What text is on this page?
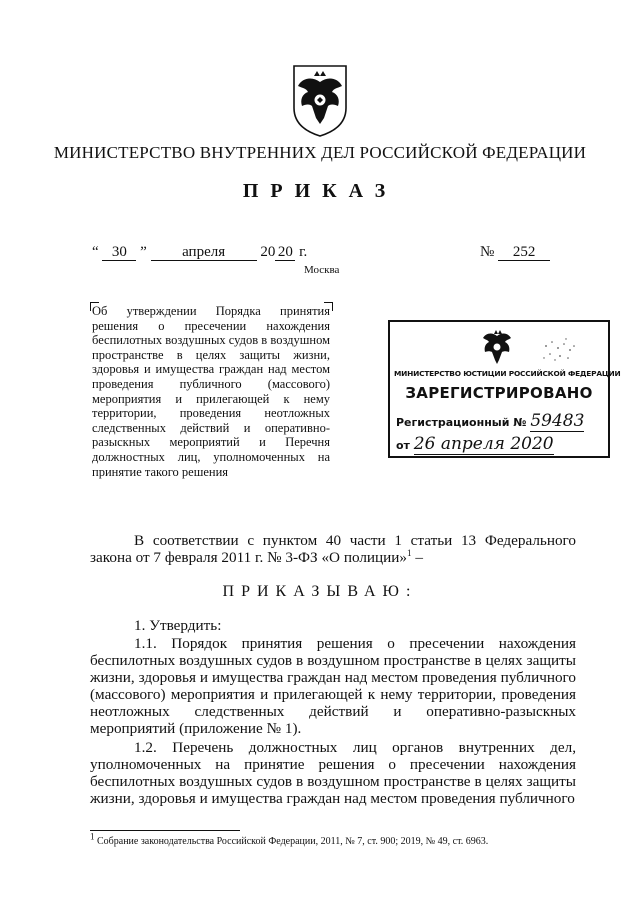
МИНИСТЕРСТВО ВНУТРЕННИХ ДЕЛ РОССИЙСКОЙ ФЕДЕРАЦИИ
ПРИКАЗ
“ 30 ” апреля 20 20 г.	№ 252
Москва
Об утверждении Порядка принятия решения о пресечении нахождения беспилотных воздушных судов в воздушном пространстве в целях защиты жизни, здоровья и имущества граждан над местом проведения публичного (массового) мероприятия и прилегающей к нему территории, проведения неотложных следственных действий и оперативно-разыскных мероприятий и Перечня должностных лиц, уполномоченных на принятие такого решения
МИНИСТЕРСТВО ЮСТИЦИИ РОССИЙСКОЙ ФЕДЕРАЦИИ
ЗАРЕГИСТРИРОВАНО
Регистрационный № 59483
от 26 апреля 2020
В соответствии с пунктом 40 части 1 статьи 13 Федерального закона от 7 февраля 2011 г. № 3-ФЗ «О полиции»$^1$ –
ПРИКАЗЫВАЮ:
1. Утвердить:
1.1. Порядок принятия решения о пресечении нахождения беспилотных воздушных судов в воздушном пространстве в целях защиты жизни, здоровья и имущества граждан над местом проведения публичного (массового) мероприятия и прилегающей к нему территории, проведения неотложных следственных действий и оперативно-разыскных мероприятий (приложение № 1).
1.2. Перечень должностных лиц органов внутренних дел, уполномоченных на принятие решения о пресечении нахождения беспилотных воздушных судов в воздушном пространстве в целях защиты жизни, здоровья и имущества граждан над местом проведения публичного
$^1$ Собрание законодательства Российской Федерации, 2011, № 7, ст. 900; 2019, № 49, ст. 6963.
